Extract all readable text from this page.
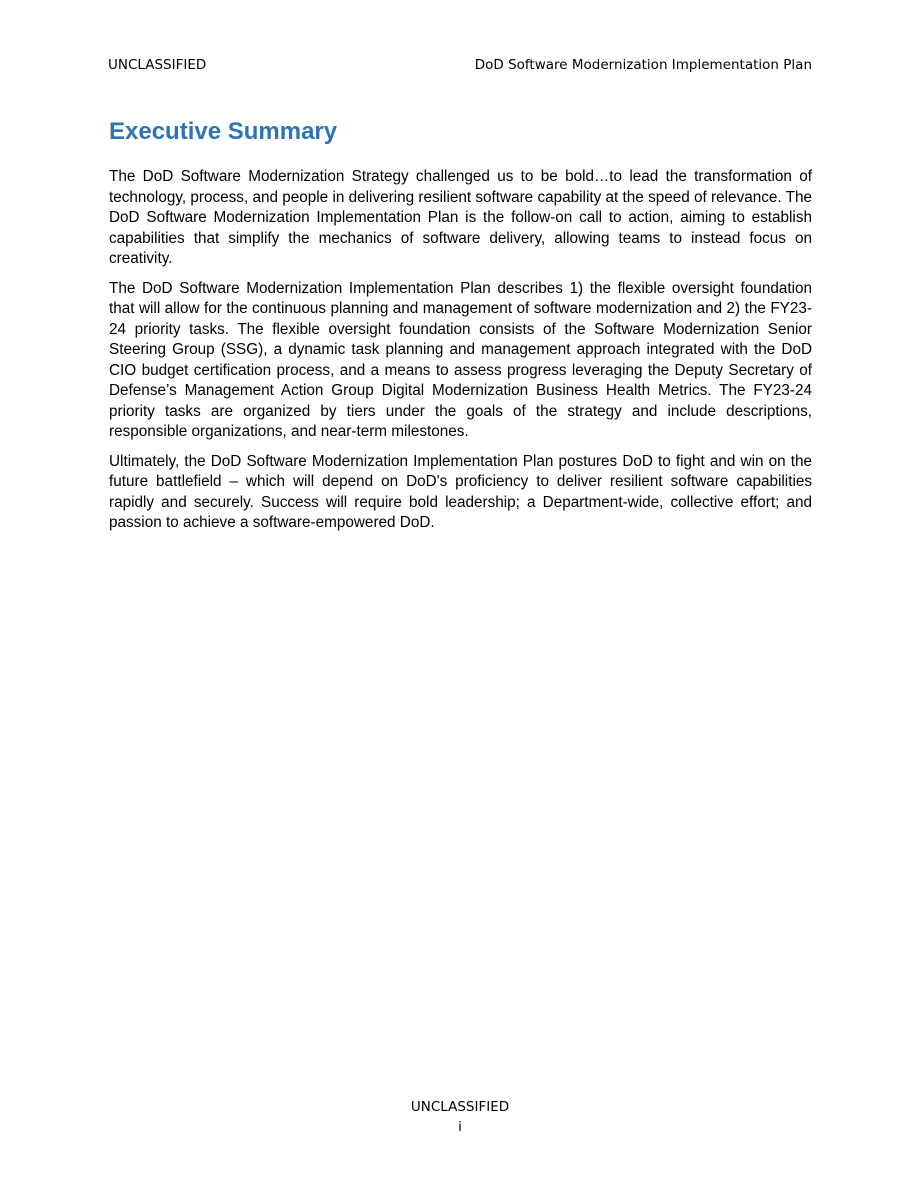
UNCLASSIFIED	DoD Software Modernization Implementation Plan
Executive Summary

The DoD Software Modernization Strategy challenged us to be bold…to lead the transformation of technology, process, and people in delivering resilient software capability at the speed of relevance. The DoD Software Modernization Implementation Plan is the follow-on call to action, aiming to establish capabilities that simplify the mechanics of software delivery, allowing teams to instead focus on creativity.

The DoD Software Modernization Implementation Plan describes 1) the flexible oversight foundation that will allow for the continuous planning and management of software modernization and 2) the FY23-24 priority tasks. The flexible oversight foundation consists of the Software Modernization Senior Steering Group (SSG), a dynamic task planning and management approach integrated with the DoD CIO budget certification process, and a means to assess progress leveraging the Deputy Secretary of Defense’s Management Action Group Digital Modernization Business Health Metrics. The FY23-24 priority tasks are organized by tiers under the goals of the strategy and include descriptions, responsible organizations, and near-term milestones.

Ultimately, the DoD Software Modernization Implementation Plan postures DoD to fight and win on the future battlefield – which will depend on DoD's proficiency to deliver resilient software capabilities rapidly and securely. Success will require bold leadership; a Department-wide, collective effort; and passion to achieve a software-empowered DoD.

UNCLASSIFIED
i
